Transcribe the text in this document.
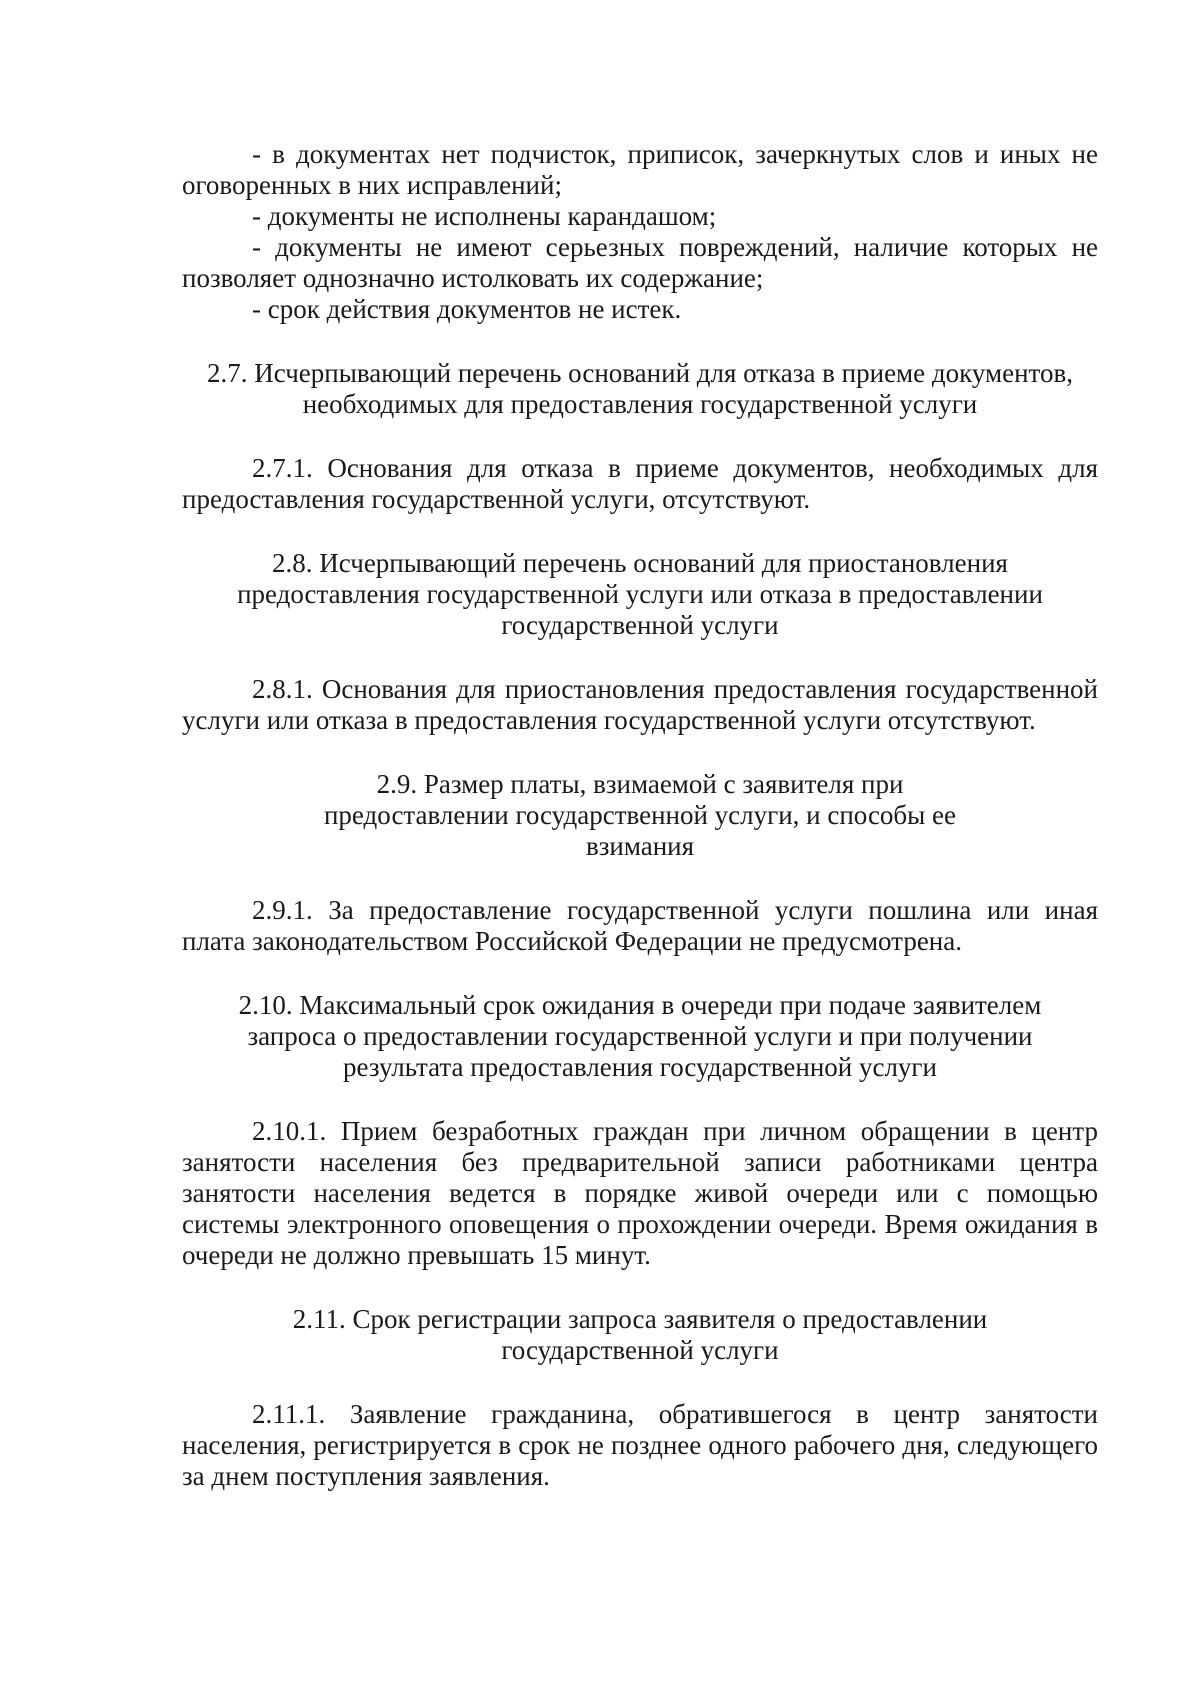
- в документах нет подчисток, приписок, зачеркнутых слов и иных не оговоренных в них исправлений;
- документы не исполнены карандашом;
- документы не имеют серьезных повреждений, наличие которых не позволяет однозначно истолковать их содержание;
- срок действия документов не истек.

2.7. Исчерпывающий перечень оснований для отказа в приеме документов, необходимых для предоставления государственной услуги

2.7.1. Основания для отказа в приеме документов, необходимых для предоставления государственной услуги, отсутствуют.

2.8. Исчерпывающий перечень оснований для приостановления предоставления государственной услуги или отказа в предоставлении государственной услуги

2.8.1. Основания для приостановления предоставления государственной услуги или отказа в предоставления государственной услуги отсутствуют.

2.9. Размер платы, взимаемой с заявителя при предоставлении государственной услуги, и способы ее взимания

2.9.1. За предоставление государственной услуги пошлина или иная плата законодательством Российской Федерации не предусмотрена.

2.10. Максимальный срок ожидания в очереди при подаче заявителем запроса о предоставлении государственной услуги и при получении результата предоставления государственной услуги

2.10.1. Прием безработных граждан при личном обращении в центр занятости населения без предварительной записи работниками центра занятости населения ведется в порядке живой очереди или с помощью системы электронного оповещения о прохождении очереди. Время ожидания в очереди не должно превышать 15 минут.

2.11. Срок регистрации запроса заявителя о предоставлении государственной услуги

2.11.1. Заявление гражданина, обратившегося в центр занятости населения, регистрируется в срок не позднее одного рабочего дня, следующего за днем поступления заявления.
